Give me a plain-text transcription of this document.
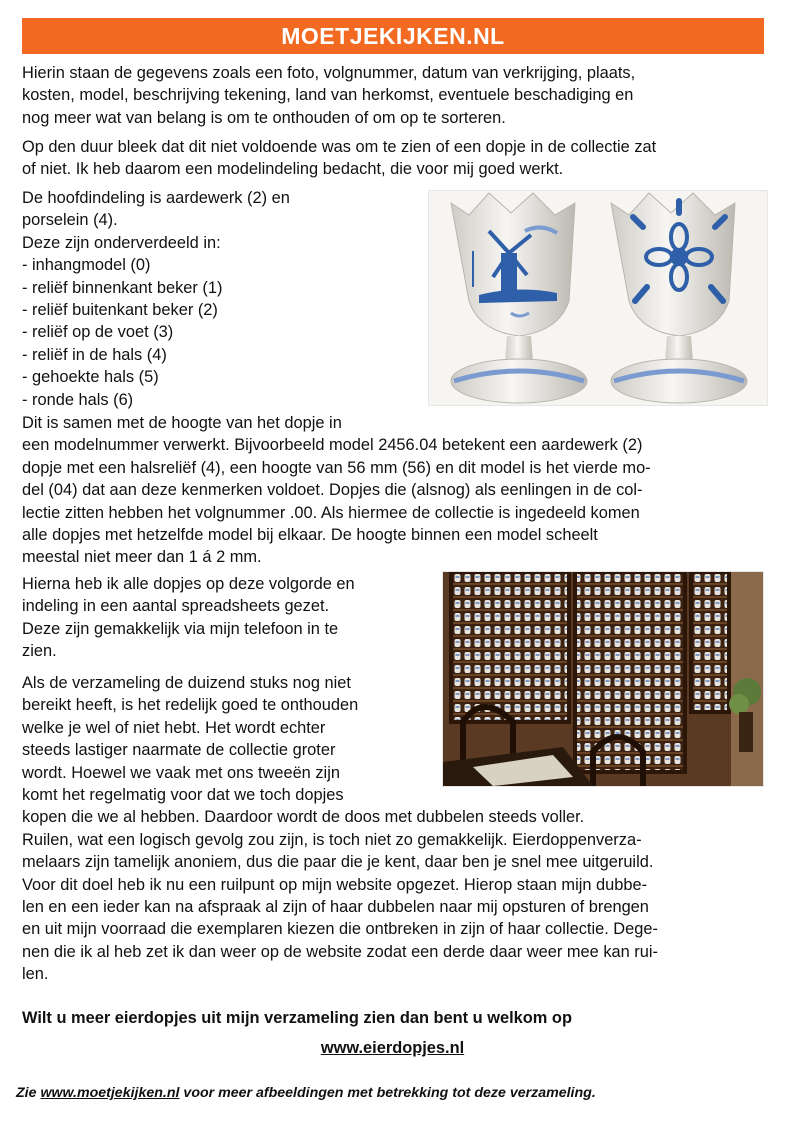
MOETJEKIJKEN.NL
Hierin staan de gegevens zoals een foto, volgnummer, datum van verkrijging, plaats,
kosten, model, beschrijving tekening, land van herkomst, eventuele beschadiging en
nog meer wat van belang is om te onthouden of om op te sorteren.
Op den duur bleek dat dit niet voldoende was om te zien of een dopje in de collectie zat
of niet. Ik heb daarom een modelindeling bedacht, die voor mij goed werkt.
De hoofdindeling is aardewerk (2) en
porselein (4).
Deze zijn onderverdeeld in:
- inhangmodel (0)
- reliëf binnenkant beker (1)
- reliëf buitenkant beker (2)
- reliëf op de voet (3)
- reliëf in de hals (4)
- gehoekte hals (5)
- ronde hals (6)
Dit is samen met de hoogte van het dopje in
een modelnummer verwerkt. Bijvoorbeeld model 2456.04 betekent een aardewerk (2)
dopje met een halsreliëf (4), een hoogte van 56 mm (56) en dit model is het vierde mo-
del (04) dat aan deze kenmerken voldoet. Dopjes die (alsnog) als eenlingen in de col-
lectie zitten hebben het volgnummer .00. Als hiermee de collectie is ingedeeld komen
alle dopjes met hetzelfde model bij elkaar. De hoogte binnen een model scheelt
meestal niet meer dan 1 á 2 mm.
Hierna heb ik alle dopjes op deze volgorde en
indeling in een aantal spreadsheets gezet.
Deze zijn gemakkelijk via mijn telefoon in te
zien.
Als de verzameling de duizend stuks nog niet
bereikt heeft, is het redelijk goed te onthouden
welke je wel of niet hebt. Het wordt echter
steeds lastiger naarmate de collectie groter
wordt. Hoewel we vaak met ons tweeën zijn
komt het regelmatig voor dat we toch dopjes
kopen die we al hebben. Daardoor wordt de doos met dubbelen steeds voller.
Ruilen, wat een logisch gevolg zou zijn, is toch niet zo gemakkelijk. Eierdoppenverza-
melaars zijn tamelijk anoniem, dus die paar die je kent, daar ben je snel mee uitgeruild.
Voor dit doel heb ik nu een ruilpunt op mijn website opgezet. Hierop staan mijn dubbe-
len en een ieder kan na afspraak al zijn of haar dubbelen naar mij opsturen of brengen
en uit mijn voorraad die exemplaren kiezen die ontbreken in zijn of haar collectie. Dege-
nen die ik al heb zet ik dan weer op de website zodat een derde daar weer mee kan rui-
len.
Wilt u meer eierdopjes uit mijn verzameling zien dan bent u welkom op
www.eierdopjes.nl
Zie www.moetjekijken.nl voor meer afbeeldingen met betrekking tot deze verzameling.
